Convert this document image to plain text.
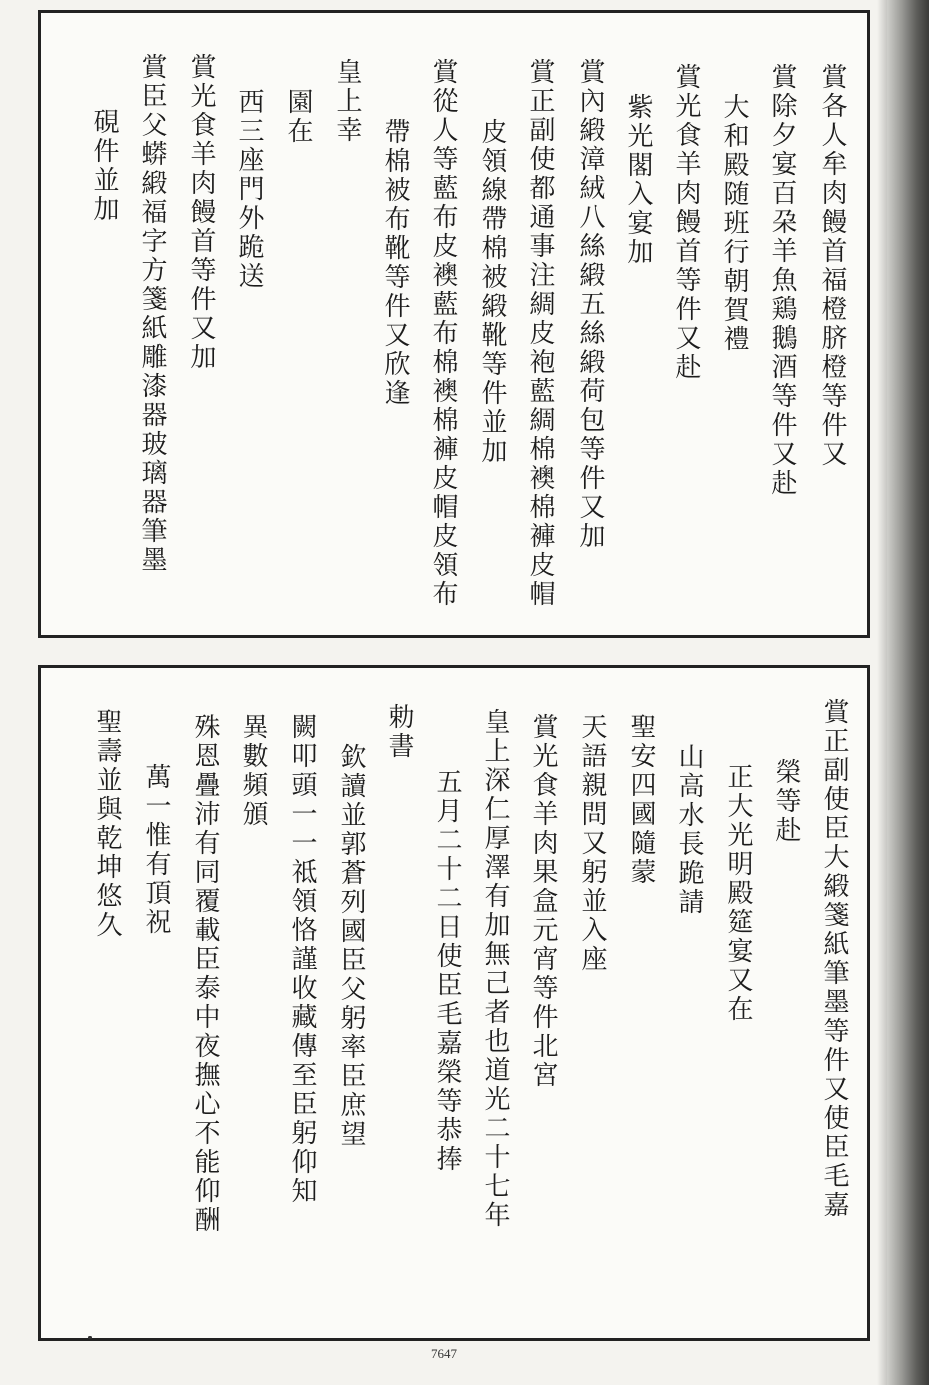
賞各人牟肉饅首福橙脐橙等件又
賞除夕宴百朶羊魚鶏鵝酒等件又赴
大和殿随班行朝賀禮
賞光食羊肉饅首等件又赴
紫光閣入宴加
賞內緞漳絨八絲緞五絲緞荷包等件又加
賞正副使都通事注綢皮袍藍綢棉襖棉褲皮帽
皮領線帶棉被緞靴等件並加
賞從人等藍布皮襖藍布棉襖棉褲皮帽皮領布
帶棉被布靴等件又欣逢
皇上幸
園在
西三座門外跪送
賞光食羊肉饅首等件又加
賞臣父蟒緞福字方箋紙雕漆器玻璃器筆墨
硯件並加
賞正副使臣大緞箋紙筆墨等件又使臣毛嘉
榮等赴
正大光明殿筵宴又在
山高水長跪請
聖安四國隨蒙
天語親問又躬並入座
賞光食羊肉果盒元宵等件北宮
皇上深仁厚澤有加無己者也道光二十七年
五月二十二日使臣毛嘉榮等恭捧
勅書
欽讀並郭蒼列國臣父躬率臣庶望
闕叩頭一一祗領恪謹收藏傳至臣躬仰知
異數頻頒
殊恩疊沛有同覆載臣泰中夜撫心不能仰酬
萬一惟有頂祝
聖壽並與乾坤悠久
7647
